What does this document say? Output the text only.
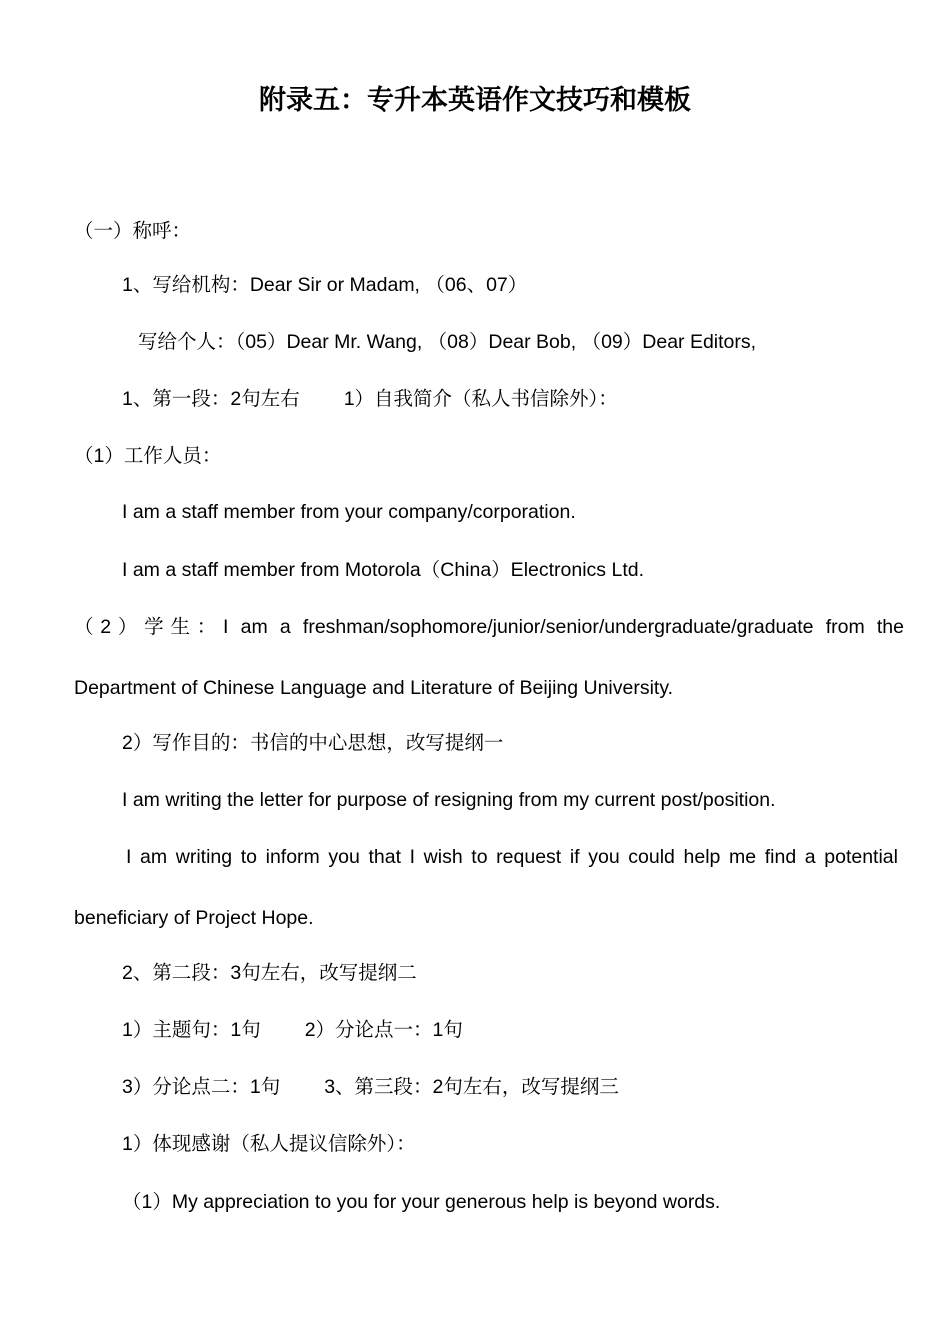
附录五：专升本英语作文技巧和模板
（一）称呼：
1、写给机构：Dear Sir or Madam, （06、07）
写给个人：（05）Dear Mr. Wang, （08）Dear Bob, （09）Dear Editors,
1、第一段：2句左右 1）自我简介（私人书信除外）：
（1）工作人员：
I am a staff member from your company/corporation.
I am a staff member from Motorola（China）Electronics Ltd.
（2）学生：I am a freshman/sophomore/junior/senior/undergraduate/graduate from the
Department of Chinese Language and Literature of Beijing University.
2）写作目的：书信的中心思想，改写提纲一
I am writing the letter for purpose of resigning from my current post/position.
I am writing to inform you that I wish to request if you could help me find a potential
beneficiary of Project Hope.
2、第二段：3句左右，改写提纲二
1）主题句：1句 2）分论点一：1句
3）分论点二：1句 3、第三段：2句左右，改写提纲三
1）体现感谢（私人提议信除外）：
（1）My appreciation to you for your generous help is beyond words.
